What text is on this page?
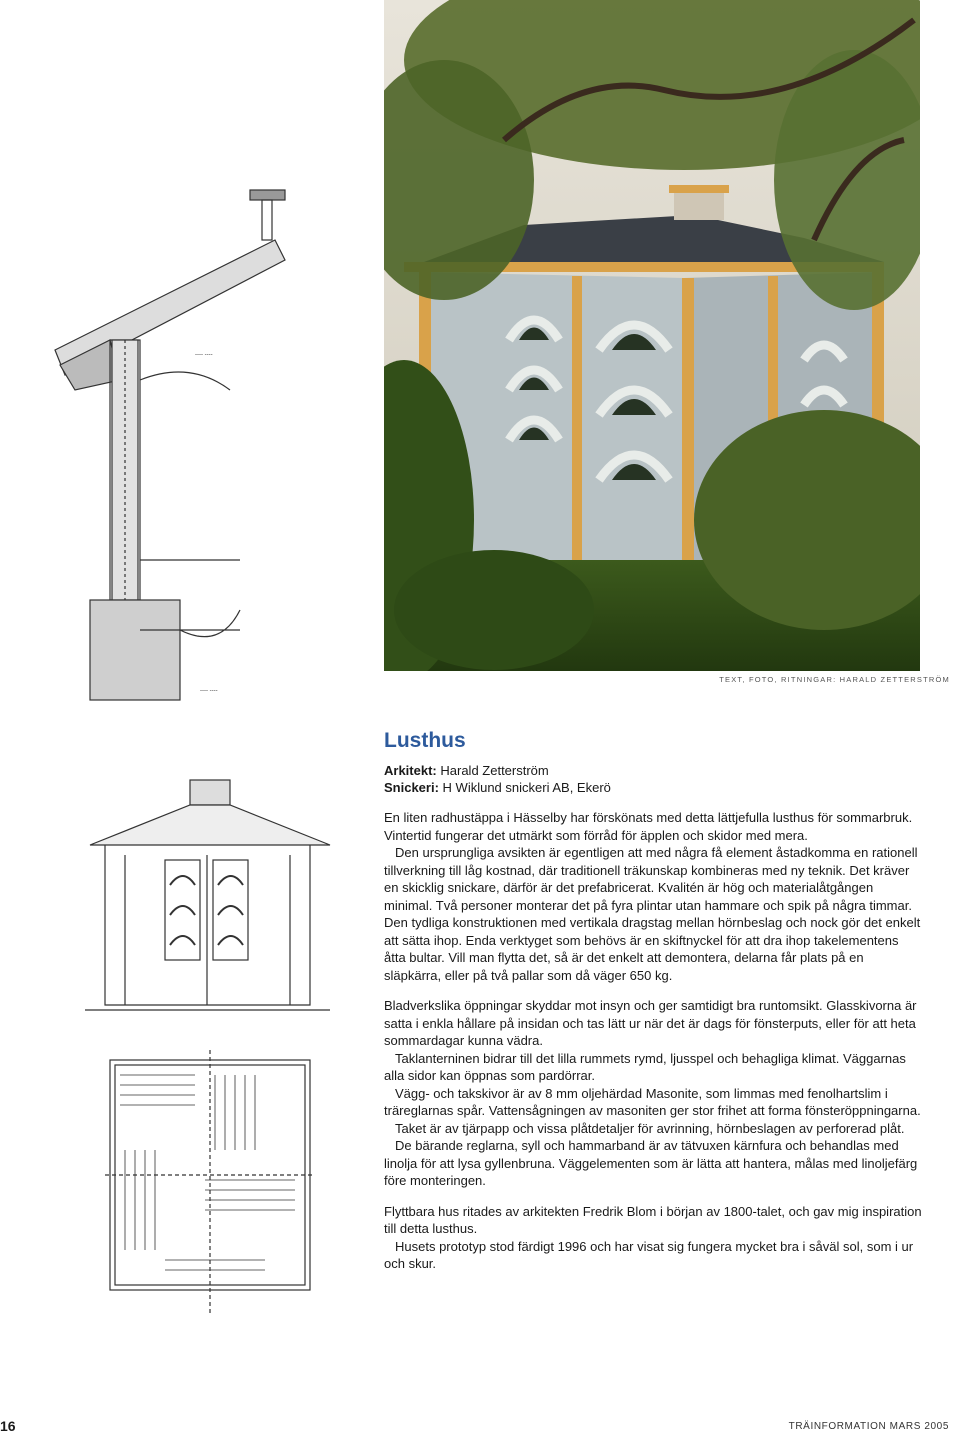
TEXT, FOTO, RITNINGAR: HARALD ZETTERSTRÖM
---- ----
---- ----
Lusthus
Arkitekt: Harald Zetterström
Snickeri: H Wiklund snickeri AB, Ekerö

En liten radhustäppa i Hässelby har förskönats med detta lättjefulla lusthus för sommarbruk. Vintertid fungerar det utmärkt som förråd för äpplen och skidor med mera.

Den ursprungliga avsikten är egentligen att med några få element åstadkomma en rationell tillverkning till låg kostnad, där traditionell träkunskap kombineras med ny teknik. Det kräver en skicklig snickare, därför är det prefabricerat. Kvalitén är hög och materialåtgången minimal. Två personer monterar det på fyra plintar utan hammare och spik på några timmar. Den tydliga konstruktionen med vertikala dragstag mellan hörnbeslag och nock gör det enkelt att sätta ihop. Enda verktyget som behövs är en skiftnyckel för att dra ihop takelementens åtta bultar. Vill man flytta det, så är det enkelt att demontera, delarna får plats på en släpkärra, eller på två pallar som då väger 650 kg.

Bladverkslika öppningar skyddar mot insyn och ger samtidigt bra runtomsikt. Glasskivorna är satta i enkla hållare på insidan och tas lätt ur när det är dags för fönsterputs, eller för att heta sommardagar kunna vädra.

Taklanterninen bidrar till det lilla rummets rymd, ljusspel och behagliga klimat. Väggarnas alla sidor kan öppnas som pardörrar.

Vägg- och takskivor är av 8 mm oljehärdad Masonite, som limmas med fenolhartslim i träreglarnas spår. Vattensågningen av masoniten ger stor frihet att forma fönsteröppningarna.

Taket är av tjärpapp och vissa plåtdetaljer för avrinning, hörnbeslagen av perforerad plåt.

De bärande reglarna, syll och hammarband är av tätvuxen kärnfura och behandlas med linolja för att lysa gyllenbruna. Väggelementen som är lätta att hantera, målas med linoljefärg före monteringen.

Flyttbara hus ritades av arkitekten Fredrik Blom i början av 1800-talet, och gav mig inspiration till detta lusthus.

Husets prototyp stod färdigt 1996 och har visat sig fungera mycket bra i såväl sol, som i ur och skur.

16	TRÄINFORMATION MARS 2005
